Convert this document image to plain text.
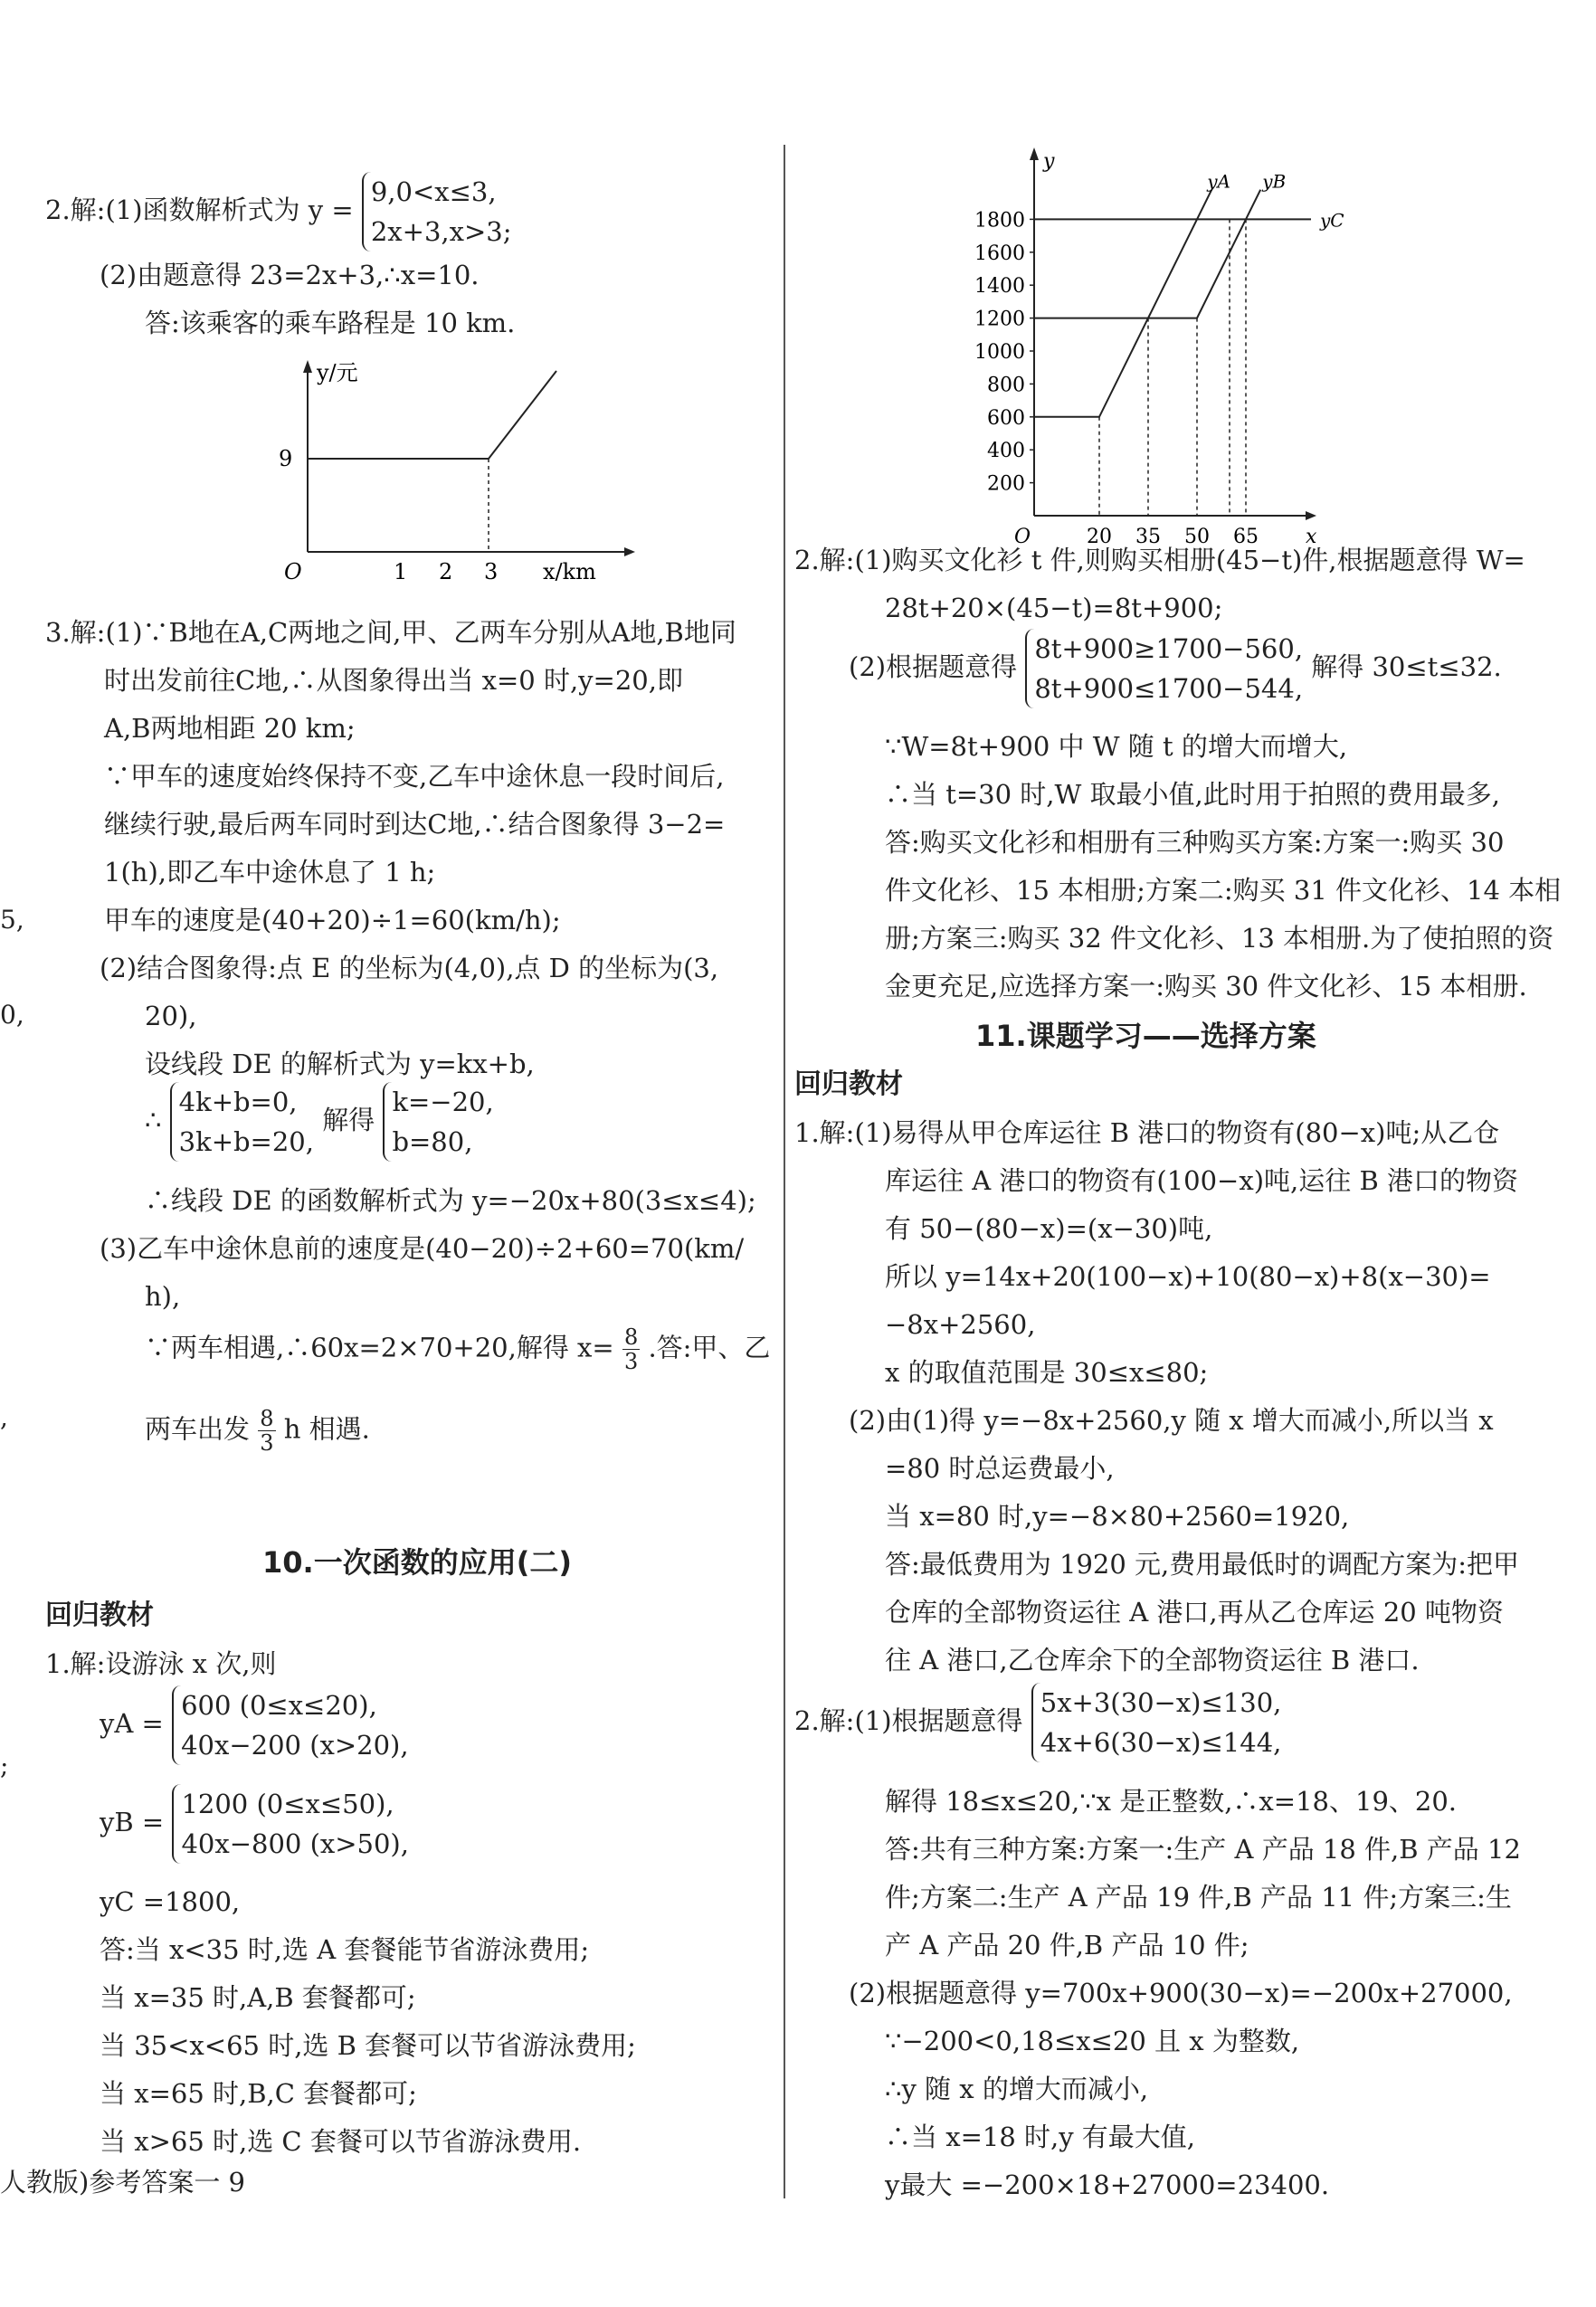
5,
0,
,
;
2.解:(1)函数解析式为 y =
9,0<x≤3,
2x+3,x>3;
(2)由题意得 23=2x+3,∴x=10.
答:该乘客的乘车路程是 10 km.
y/元
9
O	1 2 3 x/km
3.解:(1)∵B地在A,C两地之间,甲、乙两车分别从A地,B地同
时出发前往C地,∴从图象得出当 x=0 时,y=20,即
A,B两地相距 20 km;
∵甲车的速度始终保持不变,乙车中途休息一段时间后,
继续行驶,最后两车同时到达C地,∴结合图象得 3−2=
1(h),即乙车中途休息了 1 h;
甲车的速度是(40+20)÷1=60(km/h);
(2)结合图象得:点 E 的坐标为(4,0),点 D 的坐标为(3,
20),
设线段 DE 的解析式为 y=kx+b,
∴
4k+b=0,
3k+b=20,
解得
k=−20,
b=80,
∴线段 DE 的函数解析式为 y=−20x+80(3≤x≤4);
(3)乙车中途休息前的速度是(40−20)÷2+60=70(km/
h),
∵两车相遇,∴60x=2×70+20,解得 $x= \frac{8}{3}$ .答:甲、乙
两车出发 $\frac{8}{3}$ h 相遇.
10.一次函数的应用(二)
回归教材
1.解:设游泳 x 次,则
yA =
600 (0≤x≤20),
40x−200 (x>20),
yB =
1200 (0≤x≤50),
40x−800 (x>50),
yC =1800,
答:当 x<35 时,选 A 套餐能节省游泳费用;
当 x=35 时,A,B 套餐都可;
当 35<x<65 时,选 B 套餐可以节省游泳费用;
当 x=65 时,B,C 套餐都可;
当 x>65 时,选 C 套餐可以节省游泳费用.
y
x
O
1800
1600
1400
1200
1000
800
600
400
200
20 35 50 65
yC
yA yB
2.解:(1)购买文化衫 t 件,则购买相册(45−t)件,根据题意得 W=
28t+20×(45−t)=8t+900;
(2)根据题意得
8t+900≥1700−560,
8t+900≤1700−544,
解得 30≤t≤32.
∵W=8t+900 中 W 随 t 的增大而增大,
∴当 t=30 时,W 取最小值,此时用于拍照的费用最多,
答:购买文化衫和相册有三种购买方案:方案一:购买 30
件文化衫、15 本相册;方案二:购买 31 件文化衫、14 本相
册;方案三:购买 32 件文化衫、13 本相册.为了使拍照的资
金更充足,应选择方案一:购买 30 件文化衫、15 本相册.
11.课题学习——选择方案
回归教材
1.解:(1)易得从甲仓库运往 B 港口的物资有(80−x)吨;从乙仓
库运往 A 港口的物资有(100−x)吨,运往 B 港口的物资
有 50−(80−x)=(x−30)吨,
所以 y=14x+20(100−x)+10(80−x)+8(x−30)=
−8x+2560,
x 的取值范围是 30≤x≤80;
(2)由(1)得 y=−8x+2560,y 随 x 增大而减小,所以当 x
=80 时总运费最小,
当 x=80 时,y=−8×80+2560=1920,
答:最低费用为 1920 元,费用最低时的调配方案为:把甲
仓库的全部物资运往 A 港口,再从乙仓库运 20 吨物资
往 A 港口,乙仓库余下的全部物资运往 B 港口.
2.解:(1)根据题意得
5x+3(30−x)≤130,
4x+6(30−x)≤144,
解得 18≤x≤20,∵x 是正整数,∴x=18、19、20.
答:共有三种方案:方案一:生产 A 产品 18 件,B 产品 12
件;方案二:生产 A 产品 19 件,B 产品 11 件;方案三:生
产 A 产品 20 件,B 产品 10 件;
(2)根据题意得 y=700x+900(30−x)=−200x+27000,
∵−200<0,18≤x≤20 且 x 为整数,
∴y 随 x 的增大而减小,
∴当 x=18 时,y 有最大值,
y最大 =−200×18+27000=23400.
人教版)参考答案一 9
